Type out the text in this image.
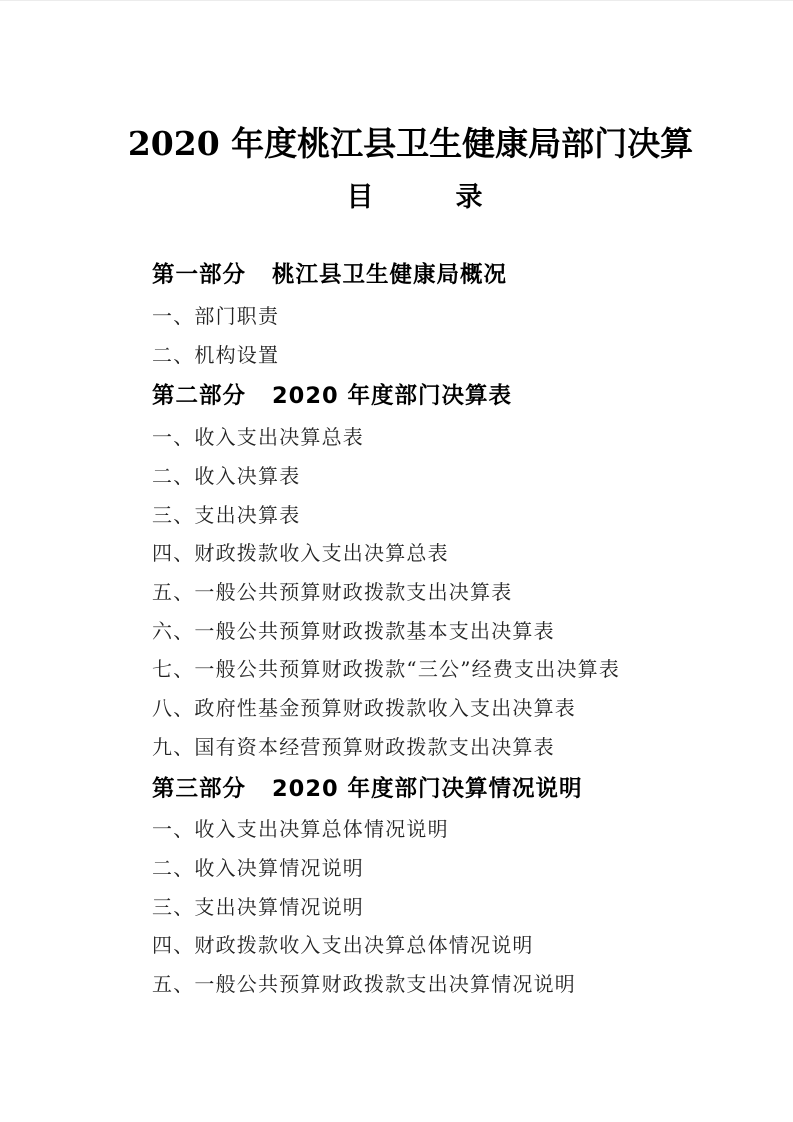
2020 年度桃江县卫生健康局部门决算
目	录
第一部分 桃江县卫生健康局概况
一、部门职责
二、机构设置
第二部分 2020 年度部门决算表
一、收入支出决算总表
二、收入决算表
三、支出决算表
四、财政拨款收入支出决算总表
五、一般公共预算财政拨款支出决算表
六、一般公共预算财政拨款基本支出决算表
七、一般公共预算财政拨款“三公”经费支出决算表
八、政府性基金预算财政拨款收入支出决算表
九、国有资本经营预算财政拨款支出决算表
第三部分 2020 年度部门决算情况说明
一、收入支出决算总体情况说明
二、收入决算情况说明
三、支出决算情况说明
四、财政拨款收入支出决算总体情况说明
五、一般公共预算财政拨款支出决算情况说明
